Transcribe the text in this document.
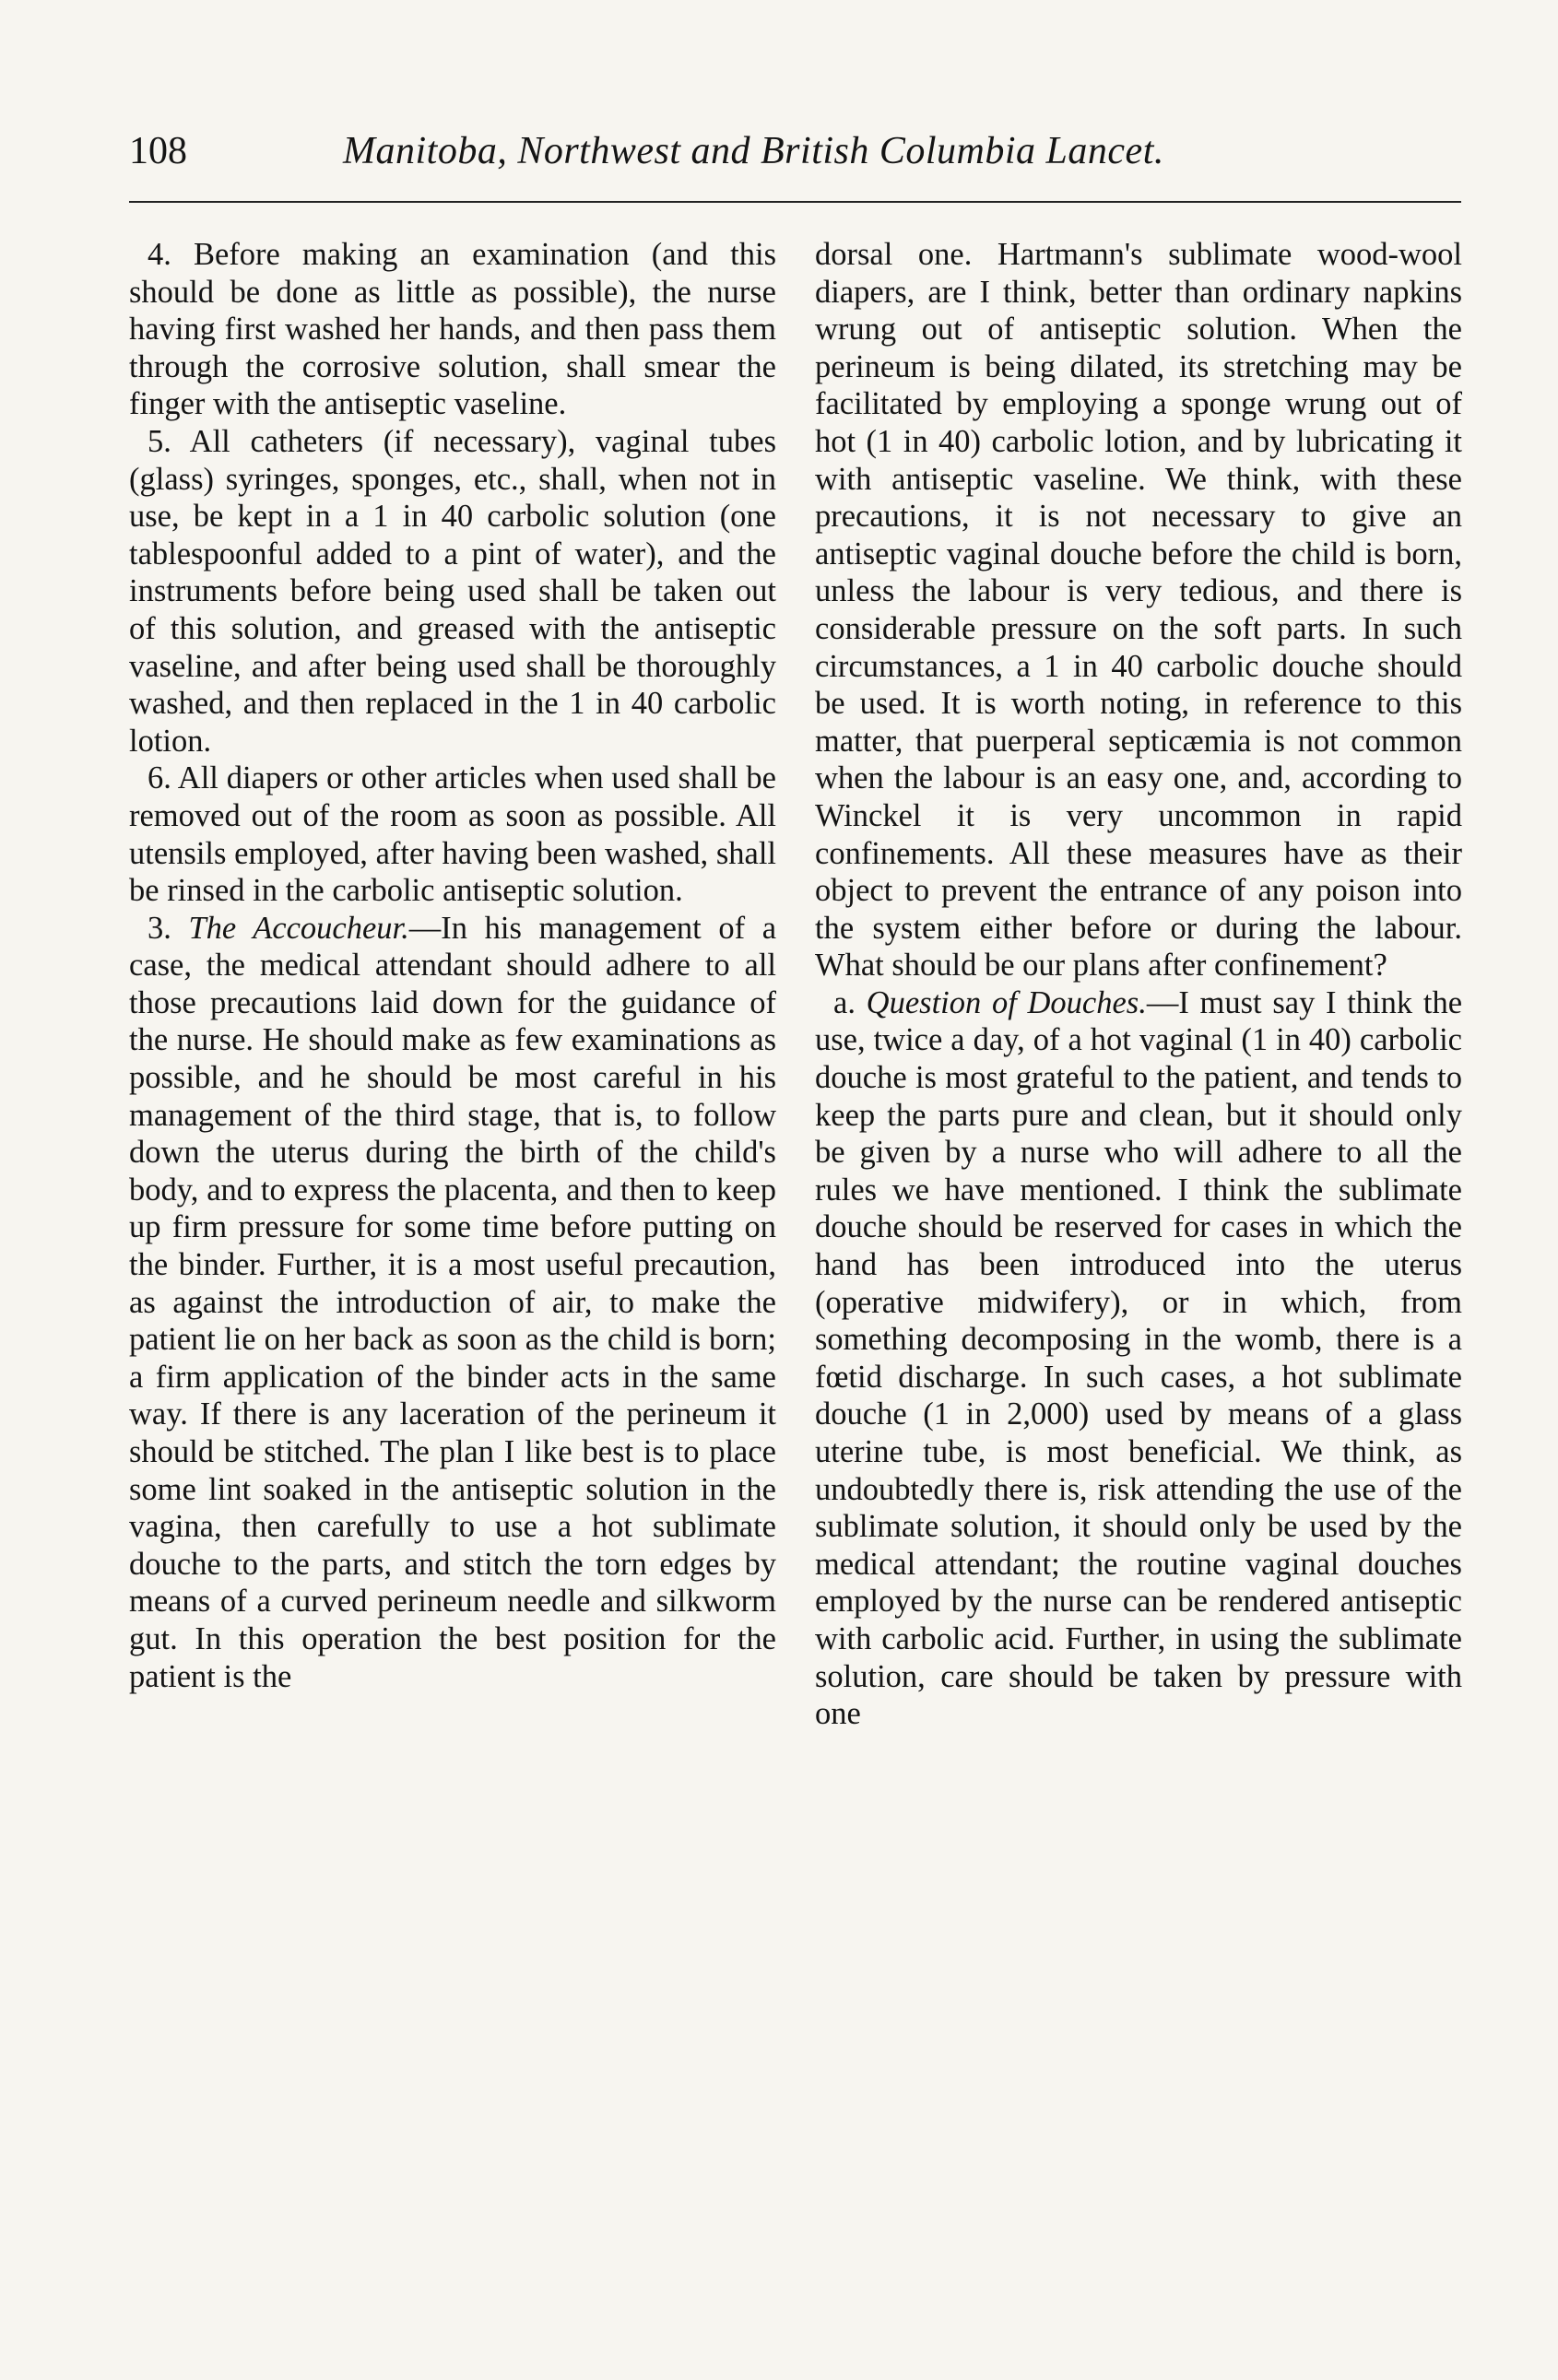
108	Manitoba, Northwest and British Columbia Lancet.

4. Before making an examination (and this should be done as little as possible), the nurse having first washed her hands, and then pass them through the corrosive solution, shall smear the finger with the antiseptic vaseline.

5. All catheters (if necessary), vaginal tubes (glass) syringes, sponges, etc., shall, when not in use, be kept in a 1 in 40 carbolic solution (one tablespoonful added to a pint of water), and the instruments before being used shall be taken out of this solution, and greased with the antiseptic vaseline, and after being used shall be thoroughly washed, and then replaced in the 1 in 40 carbolic lotion.

6. All diapers or other articles when used shall be removed out of the room as soon as possible. All utensils employed, after having been washed, shall be rinsed in the carbolic antiseptic solution.

3. The Accoucheur.—In his management of a case, the medical attendant should adhere to all those precautions laid down for the guidance of the nurse. He should make as few examinations as possible, and he should be most careful in his management of the third stage, that is, to follow down the uterus during the birth of the child's body, and to express the placenta, and then to keep up firm pressure for some time before putting on the binder. Further, it is a most useful precaution, as against the introduction of air, to make the patient lie on her back as soon as the child is born; a firm application of the binder acts in the same way. If there is any laceration of the perineum it should be stitched. The plan I like best is to place some lint soaked in the antiseptic solution in the vagina, then carefully to use a hot sublimate douche to the parts, and stitch the torn edges by means of a curved perineum needle and silkworm gut. In this operation the best position for the patient is the

dorsal one. Hartmann's sublimate wood-wool diapers, are I think, better than ordinary napkins wrung out of antiseptic solution. When the perineum is being dilated, its stretching may be facilitated by employing a sponge wrung out of hot (1 in 40) carbolic lotion, and by lubricating it with antiseptic vaseline. We think, with these precautions, it is not necessary to give an antiseptic vaginal douche before the child is born, unless the labour is very tedious, and there is considerable pressure on the soft parts. In such circumstances, a 1 in 40 carbolic douche should be used. It is worth noting, in reference to this matter, that puerperal septicæmia is not common when the labour is an easy one, and, according to Winckel it is very uncommon in rapid confinements. All these measures have as their object to prevent the entrance of any poison into the system either before or during the labour. What should be our plans after confinement?

a. Question of Douches.—I must say I think the use, twice a day, of a hot vaginal (1 in 40) carbolic douche is most grateful to the patient, and tends to keep the parts pure and clean, but it should only be given by a nurse who will adhere to all the rules we have mentioned. I think the sublimate douche should be reserved for cases in which the hand has been introduced into the uterus (operative midwifery), or in which, from something decomposing in the womb, there is a fœtid discharge. In such cases, a hot sublimate douche (1 in 2,000) used by means of a glass uterine tube, is most beneficial. We think, as undoubtedly there is, risk attending the use of the sublimate solution, it should only be used by the medical attendant; the routine vaginal douches employed by the nurse can be rendered antiseptic with carbolic acid. Further, in using the sublimate solution, care should be taken by pressure with one
